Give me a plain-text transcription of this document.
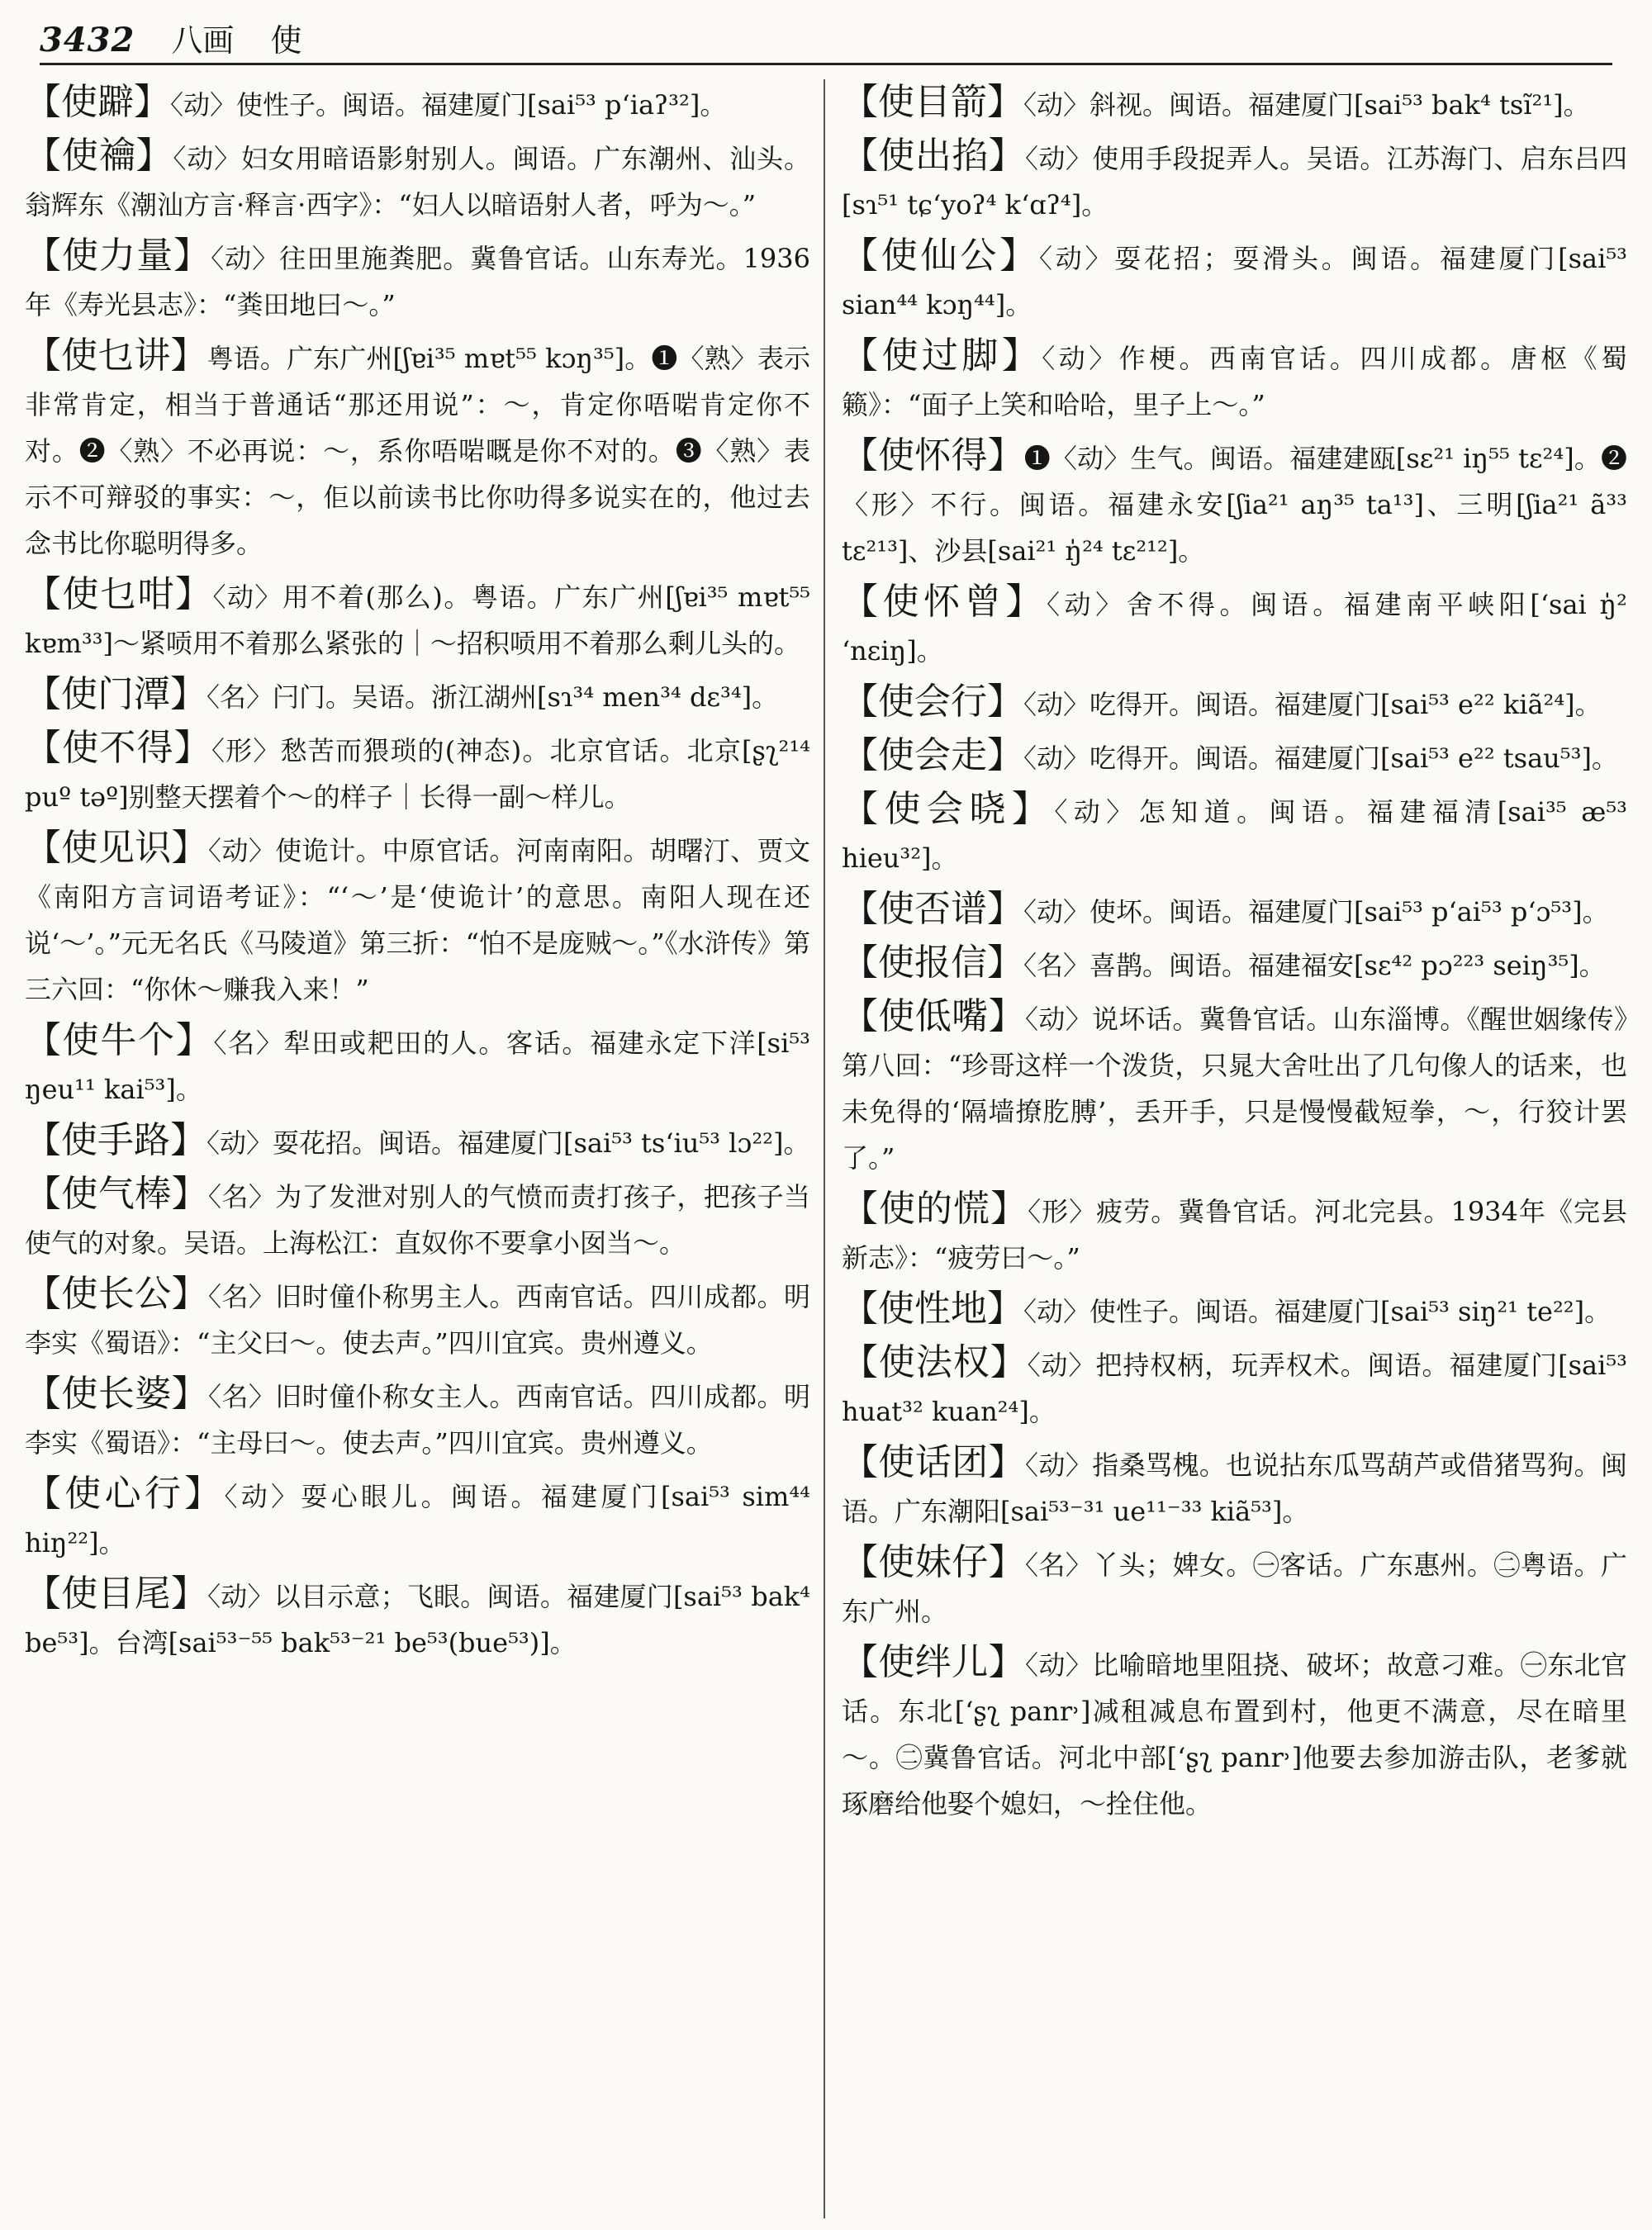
3432 八画 使
【使躃】〈动〉使性子。闽语。福建厦门[sai⁵³ pʻiaʔ³²]。
【使禴】〈动〉妇女用暗语影射别人。闽语。广东潮州、汕头。翁辉东《潮汕方言·释言·西字》：“妇人以暗语射人者，呼为～。”
【使力量】〈动〉往田里施粪肥。冀鲁官话。山东寿光。1936年《寿光县志》：“粪田地曰～。”
【使乜讲】粤语。广东广州[ʃɐi³⁵ mɐt⁵⁵ kɔŋ³⁵]。❶〈熟〉表示非常肯定，相当于普通话“那还用说”：～，肯定你唔啱肯定你不对。❷〈熟〉不必再说：～，系你唔啱嘅是你不对的。❸〈熟〉表示不可辩驳的事实：～，佢以前读书比你叻得多说实在的，他过去念书比你聪明得多。
【使乜咁】〈动〉用不着(那么)。粤语。广东广州[ʃɐi³⁵ mɐt⁵⁵ kɐm³³]～紧唝用不着那么紧张的｜～招积唝用不着那么剩儿头的。
【使门潭】〈名〉闩门。吴语。浙江湖州[sɿ³⁴ men³⁴ dɛ³⁴]。
【使不得】〈形〉愁苦而猥琐的(神态)。北京官话。北京[ʂʅ²¹⁴ puº təº]别整天摆着个～的样子｜长得一副～样儿。
【使见识】〈动〉使诡计。中原官话。河南南阳。胡曙汀、贾文《南阳方言词语考证》：“‘～’是‘使诡计’的意思。南阳人现在还说‘～’。”元无名氏《马陵道》第三折：“怕不是庞贼～。”《水浒传》第三六回：“你休～赚我入来！”
【使牛个】〈名〉犁田或耙田的人。客话。福建永定下洋[si⁵³ ŋeu¹¹ kai⁵³]。
【使手路】〈动〉耍花招。闽语。福建厦门[sai⁵³ tsʻiu⁵³ lɔ²²]。
【使气棒】〈名〉为了发泄对别人的气愤而责打孩子，把孩子当使气的对象。吴语。上海松江：直奴你不要拿小囡当～。
【使长公】〈名〉旧时僮仆称男主人。西南官话。四川成都。明李实《蜀语》：“主父曰～。使去声。”四川宜宾。贵州遵义。
【使长婆】〈名〉旧时僮仆称女主人。西南官话。四川成都。明李实《蜀语》：“主母曰～。使去声。”四川宜宾。贵州遵义。
【使心行】〈动〉耍心眼儿。闽语。福建厦门[sai⁵³ sim⁴⁴ hiŋ²²]。
【使目尾】〈动〉以目示意；飞眼。闽语。福建厦门[sai⁵³ bak⁴ be⁵³]。台湾[sai⁵³⁻⁵⁵ bak⁵³⁻²¹ be⁵³(bue⁵³)]。
【使目箭】〈动〉斜视。闽语。福建厦门[sai⁵³ bak⁴ tsĩ²¹]。
【使出掐】〈动〉使用手段捉弄人。吴语。江苏海门、启东吕四[sɿ⁵¹ tɕʻyoʔ⁴ kʻɑʔ⁴]。
【使仙公】〈动〉耍花招；耍滑头。闽语。福建厦门[sai⁵³ sian⁴⁴ kɔŋ⁴⁴]。
【使过脚】〈动〉作梗。西南官话。四川成都。唐枢《蜀籁》：“面子上笑和哈哈，里子上～。”
【使怀得】❶〈动〉生气。闽语。福建建瓯[sɛ²¹ iŋ⁵⁵ tɛ²⁴]。❷〈形〉不行。闽语。福建永安[ʃia²¹ aŋ³⁵ ta¹³]、三明[ʃia²¹ ã³³ tɛ²¹³]、沙县[sai²¹ ŋ̍²⁴ tɛ²¹²]。
【使怀曾】〈动〉舍不得。闽语。福建南平峡阳[ʻsai ŋ̍² ʻnɛiŋ]。
【使会行】〈动〉吃得开。闽语。福建厦门[sai⁵³ e²² kiã²⁴]。
【使会走】〈动〉吃得开。闽语。福建厦门[sai⁵³ e²² tsau⁵³]。
【使会晓】〈动〉怎知道。闽语。福建福清[sai³⁵ æ⁵³ hieu³²]。
【使否谱】〈动〉使坏。闽语。福建厦门[sai⁵³ pʻai⁵³ pʻɔ⁵³]。
【使报信】〈名〉喜鹊。闽语。福建福安[sɛ⁴² pɔ²²³ seiŋ³⁵]。
【使低嘴】〈动〉说坏话。冀鲁官话。山东淄博。《醒世姻缘传》第八回：“珍哥这样一个泼货，只晁大舍吐出了几句像人的话来，也未免得的‘隔墙撩肐膊’，丢开手，只是慢慢截短拳，～，行狡计罢了。”
【使的慌】〈形〉疲劳。冀鲁官话。河北完县。1934年《完县新志》：“疲劳曰～。”
【使性地】〈动〉使性子。闽语。福建厦门[sai⁵³ siŋ²¹ te²²]。
【使法权】〈动〉把持权柄，玩弄权术。闽语。福建厦门[sai⁵³ huat³² kuan²⁴]。
【使话团】〈动〉指桑骂槐。也说拈东瓜骂葫芦或借猪骂狗。闽语。广东潮阳[sai⁵³⁻³¹ ue¹¹⁻³³ kiã⁵³]。
【使妹仔】〈名〉丫头；婢女。㊀客话。广东惠州。㊁粤语。广东广州。
【使绊儿】〈动〉比喻暗地里阻挠、破坏；故意刁难。㊀东北官话。东北[ʻʂʅ panr˒]减租减息布置到村，他更不满意，尽在暗里～。㊁冀鲁官话。河北中部[ʻʂʅ panr˒]他要去参加游击队，老爹就琢磨给他娶个媳妇，～拴住他。
